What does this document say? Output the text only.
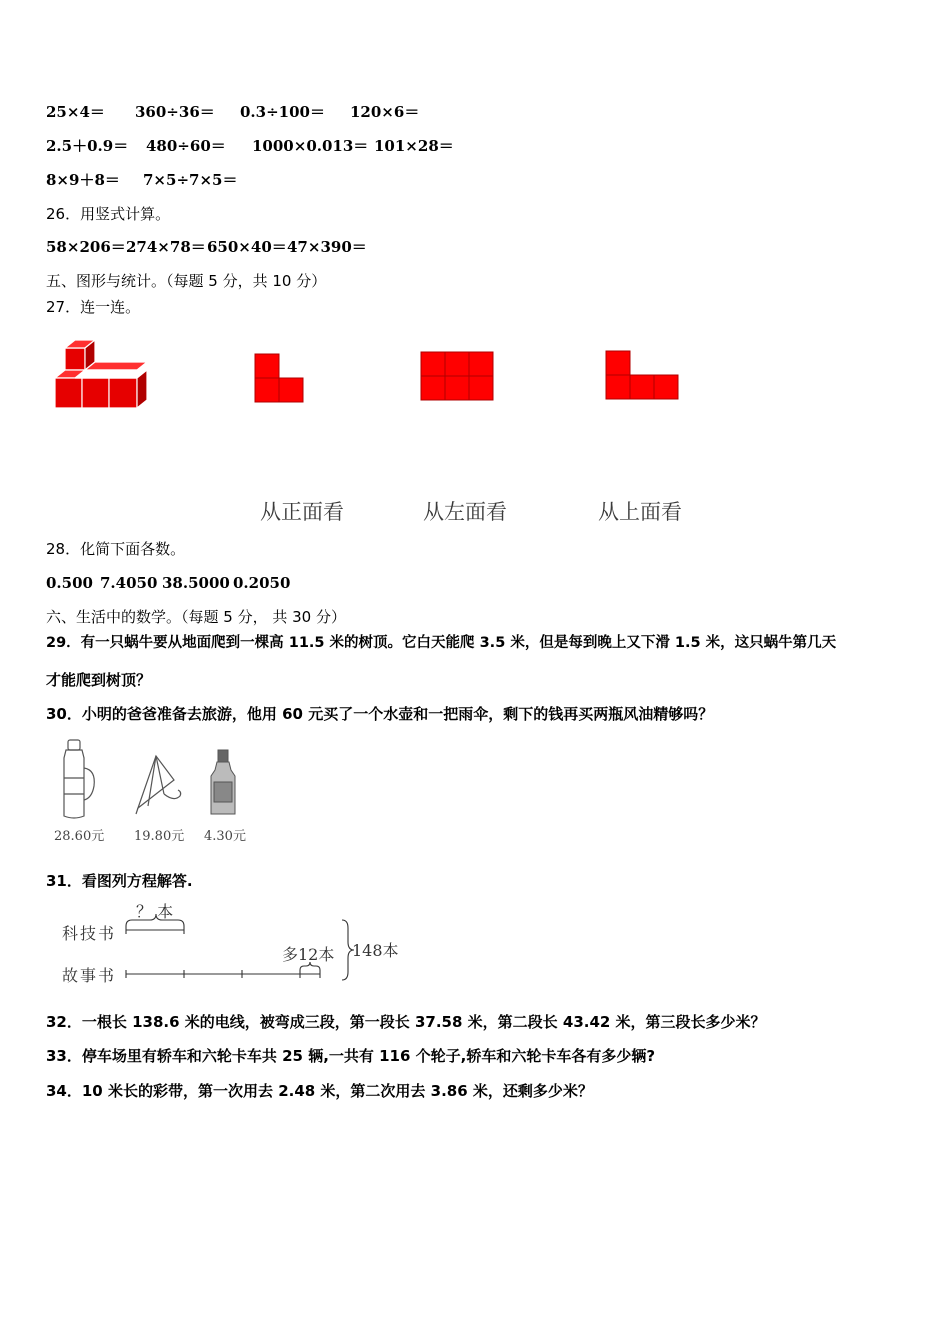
25×4＝ 360÷36＝ 0.3÷100＝ 120×6＝
2.5＋0.9＝ 480÷60＝ 1000×0.013＝ 101×28＝
8×9＋8＝ 7×5÷7×5＝
26．用竖式计算。
58×206＝274×78＝650×40＝47×390＝
五、图形与统计。（每题 5 分，共 10 分）
27．连一连。
从正面看	从左面看	从上面看
28．化简下面各数。
0.500 7.4050 38.5000 0.2050
六、生活中的数学。（每题 5 分， 共 30 分）
29．有一只蜗牛要从地面爬到一棵高 11.5 米的树顶。它白天能爬 3.5 米，但是每到晚上又下滑 1.5 米，这只蜗牛第几天
才能爬到树顶？
30．小明的爸爸准备去旅游，他用 60 元买了一个水壶和一把雨伞，剩下的钱再买两瓶风油精够吗？
28.60元 19.80元 4.30元
31．看图列方程解答.
科技书
故事书
？ 本
多12本 148本
32．一根长 138.6 米的电线，被弯成三段，第一段长 37.58 米，第二段长 43.42 米，第三段长多少米？
33．停车场里有轿车和六轮卡车共 25 辆,一共有 116 个轮子,轿车和六轮卡车各有多少辆?
34．10 米长的彩带，第一次用去 2.48 米，第二次用去 3.86 米，还剩多少米？
